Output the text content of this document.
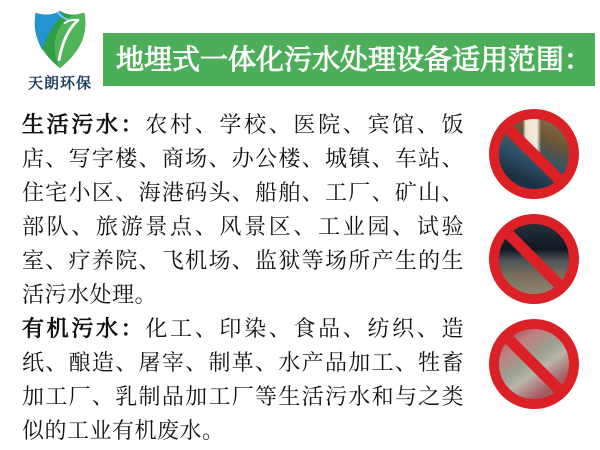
天朗环保
地埋式一体化污水处理设备适用范围：

生活污水：农村、学校、医院、宾馆、饭店、写字楼、商场、办公楼、城镇、车站、住宅小区、海港码头、船舶、工厂、矿山、部队、旅游景点、风景区、工业园、试验室、疗养院、飞机场、监狱等场所产生的生活污水处理。

有机污水：化工、印染、食品、纺织、造纸、酿造、屠宰、制革、水产品加工、牲畜加工厂、乳制品加工厂等生活污水和与之类似的工业有机废水。
